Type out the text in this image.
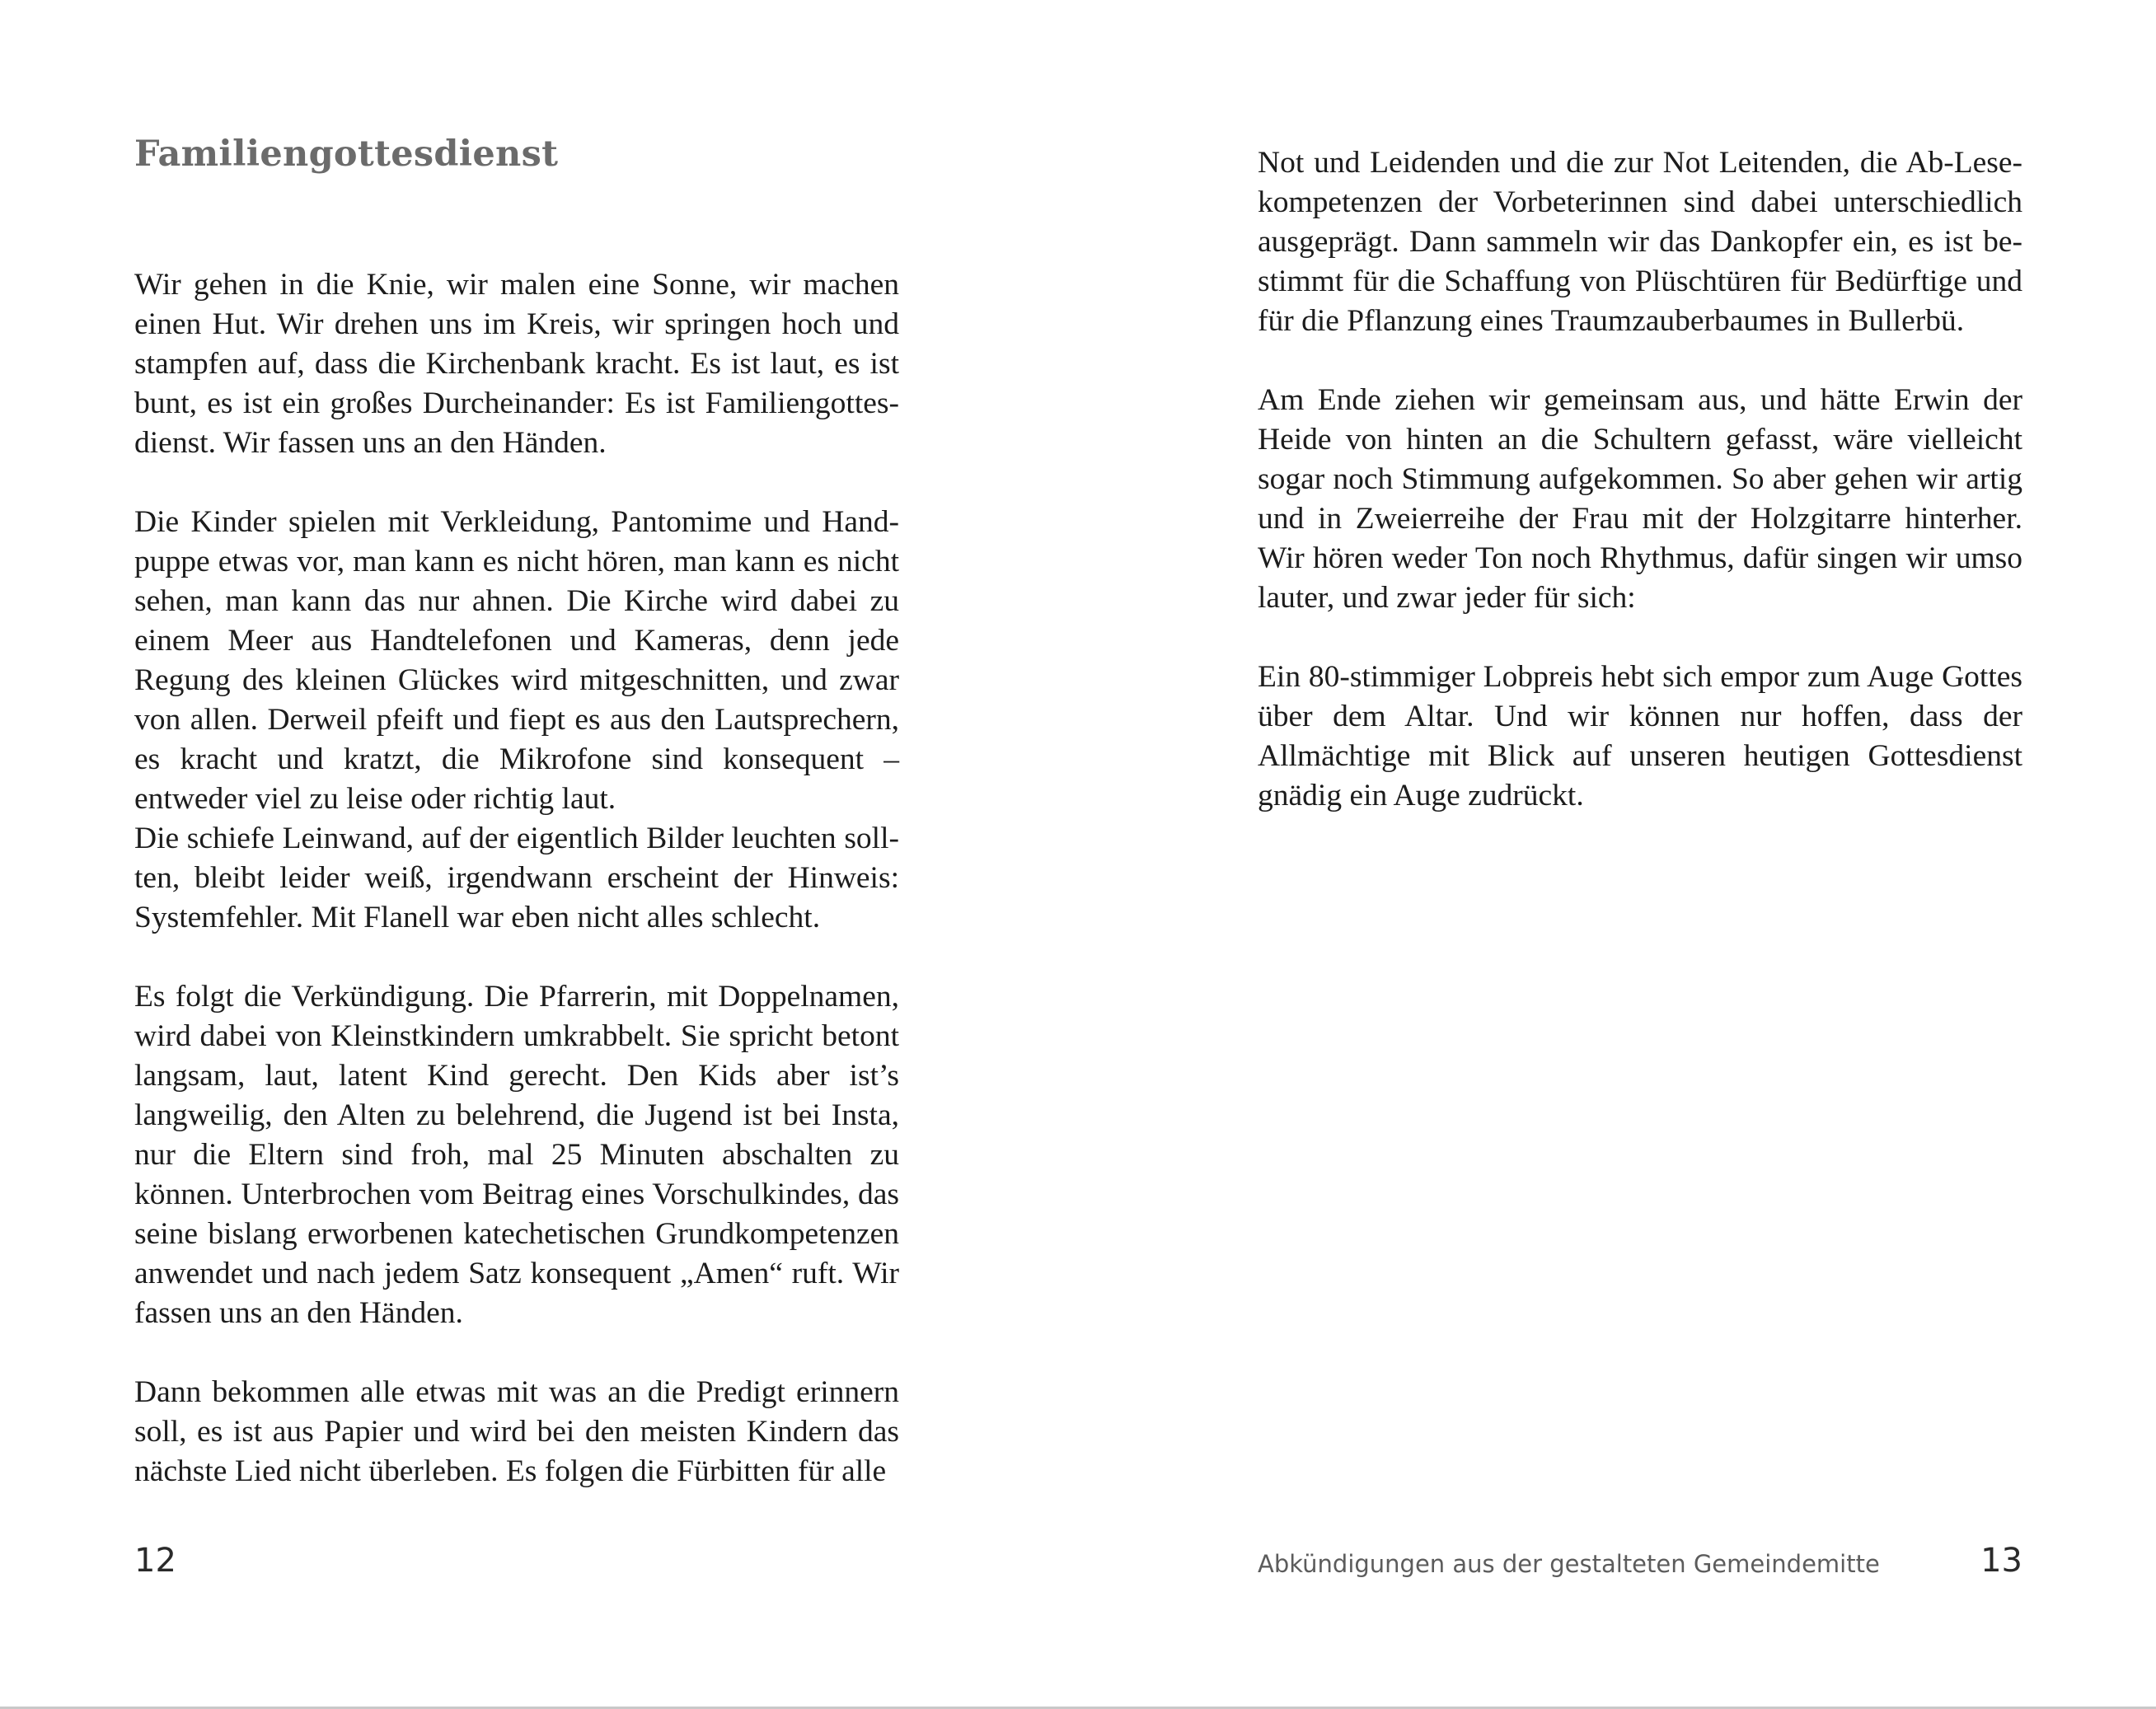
Familiengottesdienst

Wir gehen in die Knie, wir malen eine Sonne, wir machen einen Hut. Wir drehen uns im Kreis, wir springen hoch und stampfen auf, dass die Kirchenbank kracht. Es ist laut, es ist bunt, es ist ein großes Durcheinander: Es ist Familiengottesdienst. Wir fassen uns an den Händen.

Die Kinder spielen mit Verkleidung, Pantomime und Handpuppe etwas vor, man kann es nicht hören, man kann es nicht sehen, man kann das nur ahnen. Die Kirche wird dabei zu einem Meer aus Handtelefonen und Kameras, denn jede Regung des kleinen Glückes wird mitgeschnitten, und zwar von allen. Derweil pfeift und fiept es aus den Lautsprechern, es kracht und kratzt, die Mikrofone sind konsequent – entweder viel zu leise oder richtig laut.

Die schiefe Leinwand, auf der eigentlich Bilder leuchten sollten, bleibt leider weiß, irgendwann erscheint der Hinweis: Systemfehler. Mit Flanell war eben nicht alles schlecht.

Es folgt die Verkündigung. Die Pfarrerin, mit Doppelnamen, wird dabei von Kleinstkindern umkrabbelt. Sie spricht betont langsam, laut, latent Kind gerecht. Den Kids aber ist’s langweilig, den Alten zu belehrend, die Jugend ist bei Insta, nur die Eltern sind froh, mal 25 Minuten abschalten zu können. Unterbrochen vom Beitrag eines Vorschulkindes, das seine bislang erworbenen katechetischen Grundkompetenzen anwendet und nach jedem Satz konsequent „Amen“ ruft. Wir fassen uns an den Händen.

Dann bekommen alle etwas mit was an die Predigt erinnern soll, es ist aus Papier und wird bei den meisten Kindern das nächste Lied nicht überleben. Es folgen die Fürbitten für alle

12

Not und Leidenden und die zur Not Leitenden, die Ab-Lesekompetenzen der Vorbeterinnen sind dabei unterschiedlich ausgeprägt. Dann sammeln wir das Dankopfer ein, es ist bestimmt für die Schaffung von Plüschtüren für Bedürftige und für die Pflanzung eines Traumzauberbaumes in Bullerbü.

Am Ende ziehen wir gemeinsam aus, und hätte Erwin der Heide von hinten an die Schultern gefasst, wäre vielleicht sogar noch Stimmung aufgekommen. So aber gehen wir artig und in Zweierreihe der Frau mit der Holzgitarre hinterher. Wir hören weder Ton noch Rhythmus, dafür singen wir umso lauter, und zwar jeder für sich:

Ein 80-stimmiger Lobpreis hebt sich empor zum Auge Gottes über dem Altar. Und wir können nur hoffen, dass der Allmächtige mit Blick auf unseren heutigen Gottesdienst gnädig ein Auge zudrückt.

Abkündigungen aus der gestalteten Gemeindemitte	13
